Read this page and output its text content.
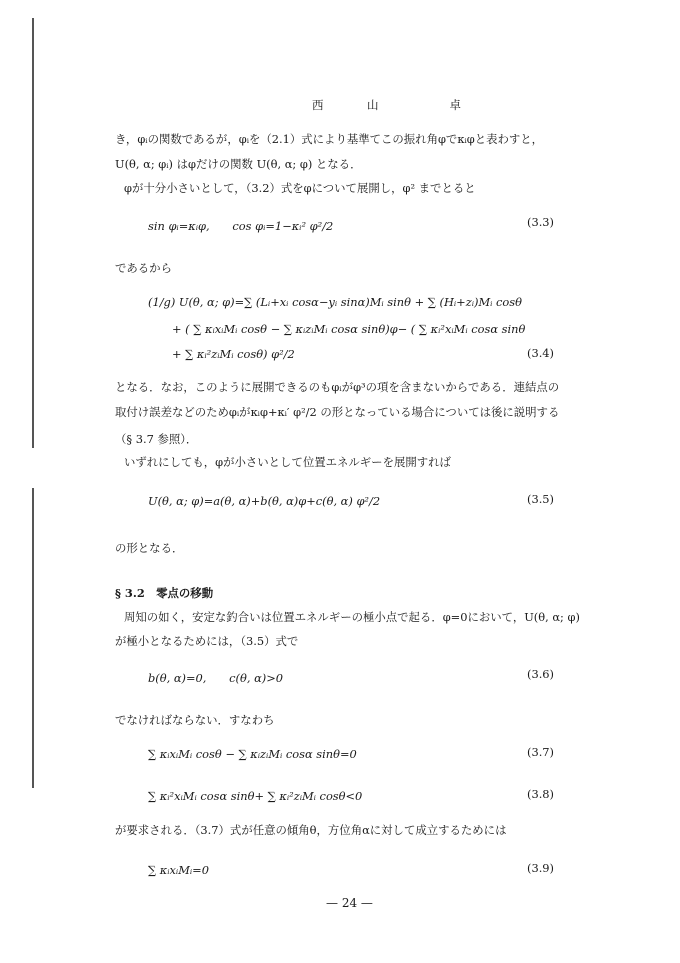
西　山　　卓
き，φᵢの関数であるが，φᵢを（2.1）式により基準てこの振れ角φでκᵢφと表わすと，
U(θ, α; φᵢ) はφだけの関数 U(θ, α; φ) となる．
φが十分小さいとして，（3.2）式をφについて展開し，φ² までとると
sin φᵢ=κᵢφ,　　cos φᵢ=1−κᵢ² φ²/2	(3.3)
であるから
(1/g) U(θ, α; φ)=∑ (Lᵢ+xᵢ cosα−yᵢ sinα)Mᵢ sinθ + ∑ (Hᵢ+zᵢ)Mᵢ cosθ
+ ( ∑ κᵢxᵢMᵢ cosθ − ∑ κᵢzᵢMᵢ cosα sinθ)φ− ( ∑ κᵢ²xᵢMᵢ cosα sinθ
+ ∑ κᵢ²zᵢMᵢ cosθ) φ²/2	(3.4)
となる．なお，このように展開できるのもφᵢがφ³の項を含まないからである．連結点の
取付け誤差などのためφᵢがκᵢφ+κᵢ′ φ²/2 の形となっている場合については後に説明する
（§ 3.7 参照）．
いずれにしても，φが小さいとして位置エネルギーを展開すれば
U(θ, α; φ)=a(θ, α)+b(θ, α)φ+c(θ, α) φ²/2	(3.5)
の形となる．
§ 3.2　零点の移動
周知の如く，安定な釣合いは位置エネルギーの極小点で起る．φ=0において，U(θ, α; φ)
が極小となるためには，（3.5）式で
b(θ, α)=0,　　c(θ, α)>0	(3.6)
でなければならない．すなわち
∑ κᵢxᵢMᵢ cosθ − ∑ κᵢzᵢMᵢ cosα sinθ=0	(3.7)
∑ κᵢ²xᵢMᵢ cosα sinθ+ ∑ κᵢ²zᵢMᵢ cosθ<0	(3.8)
が要求される．（3.7）式が任意の傾角θ，方位角αに対して成立するためには
∑ κᵢxᵢMᵢ=0	(3.9)
— 24 —
